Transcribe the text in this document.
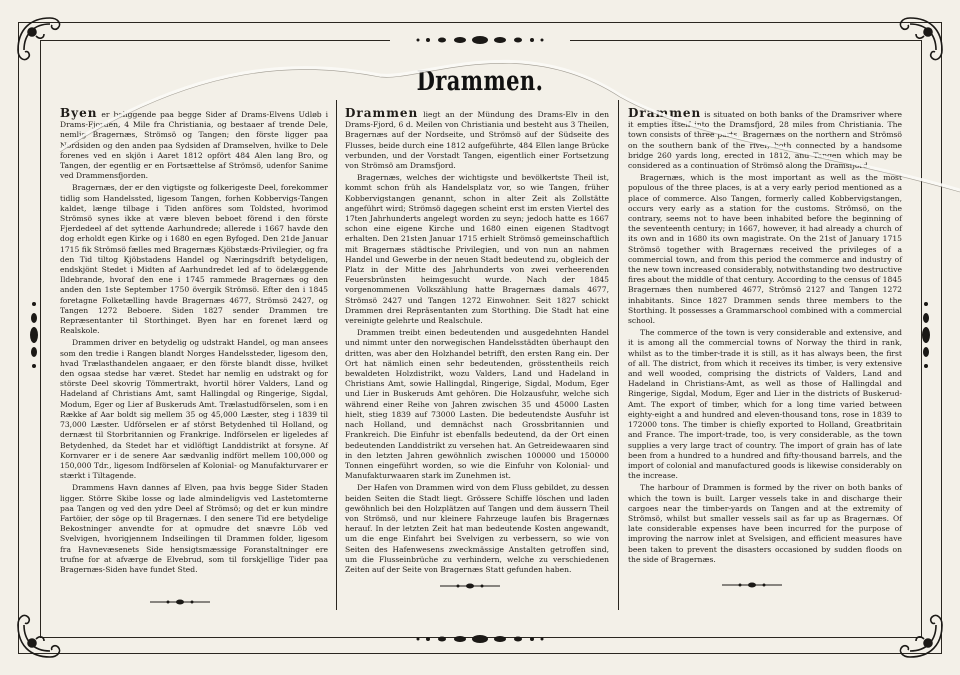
Drammen.

Byen er beliggende paa begge Sider af Drams-Elvens Udløb i Drams-Fjorden, 4 Mile fra Christiania, og bestaaer af trende Dele, nemlig Bragernæs, Strömsö og Tangen; den förste ligger paa Nordsiden og den anden paa Sydsiden af Dramselven, hvilke to Dele forenes ved en skjön i Aaret 1812 opfört 484 Alen lang Bro, og Tangen, der egentlig er en Fortsættelse af Strömsö, udenfor Sanime ved Drammensfjorden.

Bragernæs, der er den vigtigste og folkerigeste Deel, forekommer tidlig som Handelssted, ligesom Tangen, forhen Kobbervigs-Tangen kaldet, længe tilbage i Tiden anföres som Toldsted, hvorimod Strömsö synes ikke at være bleven beboet förend i den förste Fjerdedeel af det syttende Aarhundrede; allerede i 1667 havde den dog erholdt egen Kirke og i 1680 en egen Byfoged. Den 21de Januar 1715 fik Strömsö fælles med Bragernæs Kjöbstæds-Privilegier, og fra den Tid tiltog Kjöbstadens Handel og Næringsdrift betydeligen, endskjönt Stedet i Midten af Aarhundredet led af to ödelæggende Ildebrande, hvoraf den ene i 1745 rammede Bragernæs og den anden den 1ste September 1750 övergik Strömsö. Efter den i 1845 foretagne Folketælling havde Bragernæs 4677, Strömsö 2427, og Tangen 1272 Beboere. Siden 1827 sender Drammen tre Repræsentanter til Storthinget. Byen har en forenet lærd og Realskole.

Drammen driver en betydelig og udstrakt Handel, og man ansees som den tredie i Rangen blandt Norges Handelssteder, ligesom den, hvad Trælasthandelen angaaer, er den förste blandt disse, hvilket den ogsaa stedse har været. Stedet har nemlig en udstrakt og for störste Deel skovrig Tömmertrakt, hvortil hörer Valders, Land og Hadeland af Christians Amt, samt Hallingdal og Ringerige, Sigdal, Modum, Eger og Lier af Buskeruds Amt. Trælastudförselen, som i en Række af Aar boldt sig mellem 35 og 45,000 Læster, steg i 1839 til 73,000 Læster. Udförselen er af störst Betydenhed til Holland, og dernæst til Storbritannien og Frankrige. Indförselen er ligeledes af Betydenhed, da Stedet har et vidlöftigt Landdistrikt at forsyne. Af Kornvarer er i de senere Aar sædvanlig indfört mellem 100,000 og 150,000 Tdr., ligesom Indförselen af Kolonial- og Manufakturvarer er stærkt i Tiltagende.

Drammens Havn dannes af Elven, paa hvis begge Sider Staden ligger. Större Skibe losse og lade almindeligvis ved Lastetomterne paa Tangen og ved den ydre Deel af Strömsö; og det er kun mindre Fartöier, der söge op til Bragernæs. I den senere Tid ere betydelige Bekostninger anvendte for at opmudre det snævre Löb ved Svelvigen, hvorigjennem Indseilingen til Drammen folder, ligesom fra Havnevæsenets Side hensigtsmæssige Foranstaltninger ere trufne for at afværge de Elvebrud, som til forskjellige Tider paa Bragernæs-Siden have fundet Sted.

Drammen liegt an der Mündung des Drams-Elv in den Drams-Fjord, 6 d. Meilen von Christiania und besteht aus 3 Theilen, Bragernæs auf der Nordseite, und Strömsö auf der Südseite des Flusses, beide durch eine 1812 aufgeführte, 484 Ellen lange Brücke verbunden, und der Vorstadt Tangen, eigentlich einer Fortsetzung von Strömsö am Dramsfjord.

Bragernæs, welches der wichtigste und bevölkertste Theil ist, kommt schon früh als Handelsplatz vor, so wie Tangen, früher Kobbervigstangen genannt, schon in alter Zeit als Zollstätte angeführt wird; Strömsö dagegen scheint erst im ersten Viertel des 17ten Jahrhunderts angelegt worden zu seyn; jedoch hatte es 1667 schon eine eigene Kirche und 1680 einen eigenen Stadtvogt erhalten. Den 21sten Januar 1715 erhielt Strömsö gemeinschaftlich mit Bragernæs städtische Privilegien, und von nun an nahmen Handel und Gewerbe in der neuen Stadt bedeutend zu, obgleich der Platz in der Mitte des Jahrhunderts von zwei verheerenden Feuersbrünsten heimgesucht wurde. Nach der 1845 vorgenommenen Volkszählung hatte Bragernæs damals 4677, Strömsö 2427 und Tangen 1272 Einwohner. Seit 1827 schickt Drammen drei Repräsentanten zum Storthing. Die Stadt hat eine vereinigte gelehrte und Realschule.

Drammen treibt einen bedeutenden und ausgedehnten Handel und nimmt unter den norwegischen Handelsstädten überhaupt den dritten, was aber den Holzhandel betrifft, den ersten Rang ein. Der Ort hat nämlich einen sehr bedeutenden, grösstentheils reich bewaldeten Holzdistrikt, wozu Valders, Land und Hadeland in Christians Amt, sowie Hallingdal, Ringerige, Sigdal, Modum, Eger und Lier in Buskeruds Amt gehören. Die Holzausfuhr, welche sich während einer Reihe von Jahren zwischen 35 und 45000 Lasten hielt, stieg 1839 auf 73000 Lasten. Die bedeutendste Ausfuhr ist nach Holland, und demnächst nach Grossbritannien und Frankreich. Die Einfuhr ist ebenfalls bedeutend, da der Ort einen bedeutenden Landdistrikt zu versehen hat. An Getreidewaaren sind in den letzten Jahren gewöhnlich zwischen 100000 und 150000 Tonnen eingeführt worden, so wie die Einfuhr von Kolonial- und Manufakturwaaren stark im Zunehmen ist.

Der Hafen von Drammen wird von dem Fluss gebildet, zu dessen beiden Seiten die Stadt liegt. Grössere Schiffe löschen und laden gewöhnlich bei den Holzplätzen auf Tangen und dem äussern Theil von Strömsö, und nur kleinere Fahrzeuge laufen bis Bragernæs herauf. In der letzten Zeit hat man bedeutende Kosten angewandt, um die enge Einfahrt bei Svelvigen zu verbessern, so wie von Seiten des Hafenwesens zweckmässige Anstalten getroffen sind, um die Flusseinbrüche zu verhindern, welche zu verschiedenen Zeiten auf der Seite von Bragernæs Statt gefunden haben.

Drammen is situated on both banks of the Dramsriver where it empties itself into the Dramsfjord, 28 miles from Christiania. The town consists of three parts, Bragernæs on the northern and Strömsö on the southern bank of the river, both connected by a handsome bridge 260 yards long, erected in 1812, and Tangen which may be considered as a continuation of Strömsö along the Dramsfjord.

Bragernæs, which is the most important as well as the most populous of the three places, is at a very early period mentioned as a place of commerce. Also Tangen, formerly called Kobbervigstangen, occurs very early as a station for the customs. Strömsö, on the contrary, seems not to have been inhabited before the beginning of the seventeenth century; in 1667, however, it had already a church of its own and in 1680 its own magistrate. On the 21st of January 1715 Strömsö together with Bragernæs received the privileges of a commercial town, and from this period the commerce and industry of the new town increased considerably, notwithstanding two destructive fires about the middle of that century. According to the census of 1845 Bragernæs then numbered 4677, Strömsö 2127 and Tangen 1272 inhabitants. Since 1827 Drammen sends three members to the Storthing. It possesses a Grammarschool combined with a commercial school.

The commerce of the town is very considerable and extensive, and it is among all the commercial towns of Norway the third in rank, whilst as to the timber-trade it is still, as it has always been, the first of all. The district, from which it receives its timber, is very extensive and well wooded, comprising the districts of Valders, Land and Hadeland in Christians-Amt, as well as those of Hallingdal and Ringerige, Sigdal, Modum, Eger and Lier in the districts of Buskerud-Amt. The export of timber, which for a long time varied between eighty-eight a and hundred and eleven-thousand tons, rose in 1839 to 172000 tons. The timber is chiefly exported to Holland, Greatbritain and France. The import-trade, too, is very considerable, as the town supplies a very large tract of country. The import of grain has of late been from a hundred to a hundred and fifty-thousand barrels, and the import of colonial and manufactured goods is likewise considerably on the increase.

The harbour of Drammen is formed by the river on both banks of which the town is built. Larger vessels take in and discharge their cargoes near the timber-yards on Tangen and at the extremity of Strömsö, whilst but smaller vessels sail as far up as Bragernæs. Of late considerable expenses have been incurred for the purpose of improving the narrow inlet at Svelsigen, and efficient measures have been taken to prevent the disasters occasioned by sudden floods on the side of Bragernæs.
